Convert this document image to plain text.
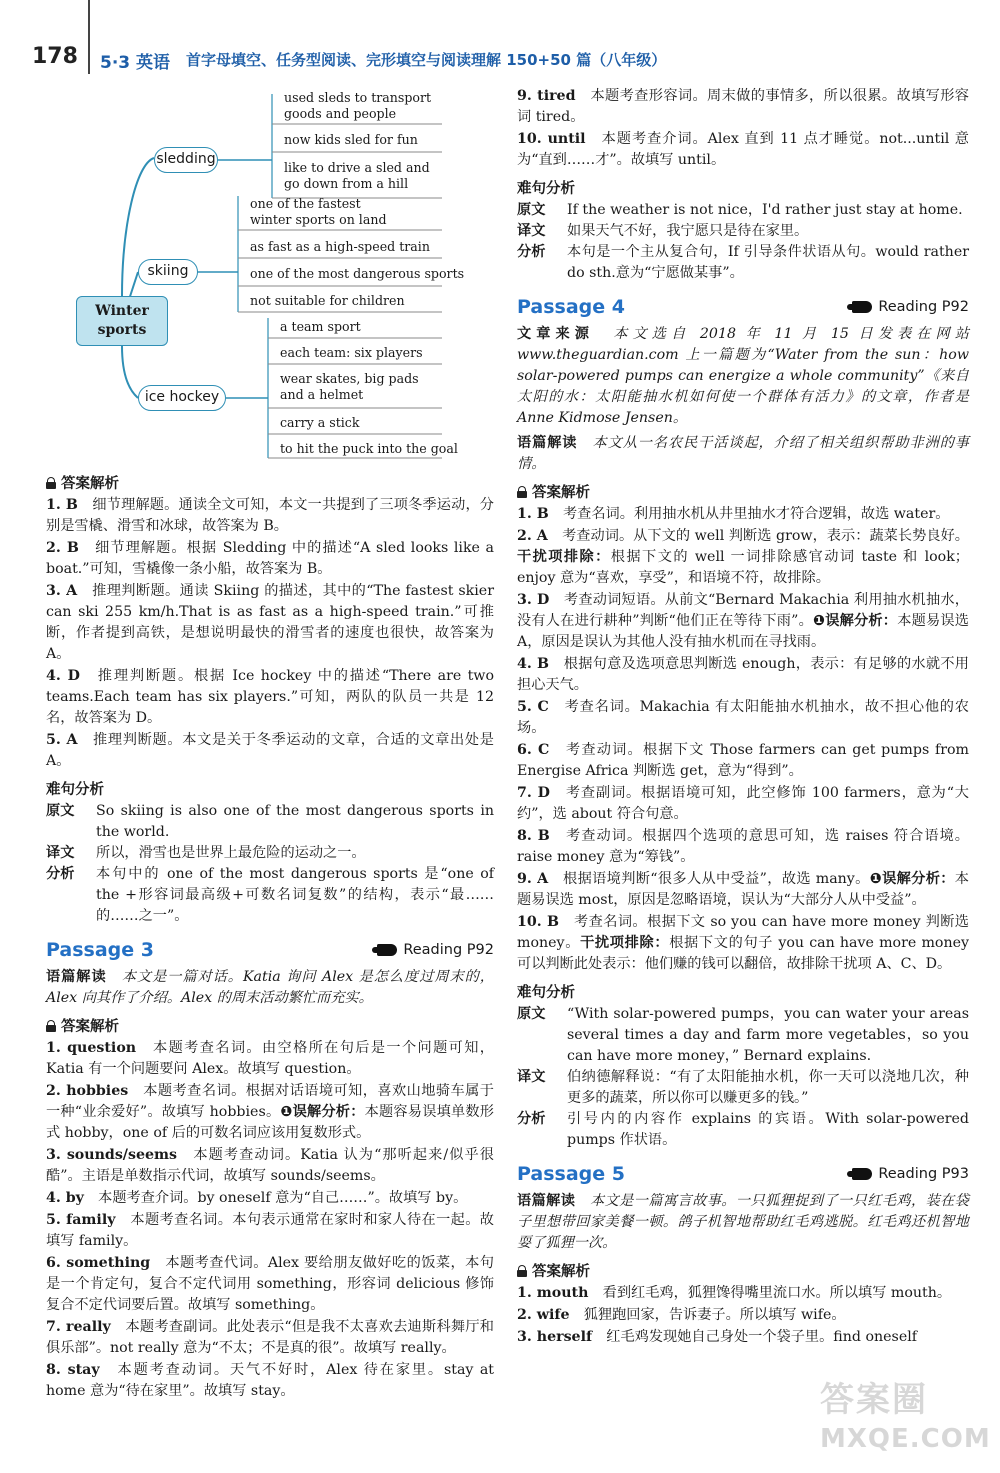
178 5·3 英语 首字母填空、任务型阅读、完形填空与阅读理解 150+50 篇（八年级）
Winter sports
sledding
skiing
ice hockey
used sleds to transport goods and people
now kids sled for fun
like to drive a sled and go down from a hill
one of the fastest winter sports on land
as fast as a high-speed train
one of the most dangerous sports
not suitable for children
a team sport
each team: six players
wear skates, big pads and a helmet
carry a stick
to hit the puck into the goal
答案解析
1. B　 细节理解题。通读全文可知，本文一共提到了三项冬季运动，分别是雪橇、滑雪和冰球，故答案为 B。
2. B　 细节理解题。根据 Sledding 中的描述“A sled looks like a boat.”可知，雪橇像一条小船，故答案为 B。
3. A　 推理判断题。通读 Skiing 的描述，其中的“The fastest skier can ski 255 km/h.That is as fast as a high-speed train.”可推断，作者提到高铁，是想说明最快的滑雪者的速度也很快，故答案为 A。
4. D　 推理判断题。根据 Ice hockey 中的描述“There are two teams.Each team has six players.”可知，两队的队员一共是 12 名，故答案为 D。
5. A　 推理判断题。本文是关于冬季运动的文章，合适的文章出处是 A。
难句分析
原文	So skiing is also one of the most dangerous sports in the world.
译文	所以，滑雪也是世界上最危险的运动之一。
分析	本句中的 one of the most dangerous sports 是“one of the +形容词最高级+可数名词复数”的结构，表示“最……的……之一”。
Passage 3	Reading P92
语篇解读　 本文是一篇对话。Katia 询问 Alex 是怎么度过周末的，Alex 向其作了介绍。Alex 的周末活动繁忙而充实。
答案解析
1. question　 本题考查名词。由空格所在句后是一个问题可知，Katia 有一个问题要问 Alex。故填写 question。
2. hobbies　 本题考查名词。根据对话语境可知，喜欢山地骑车属于一种“业余爱好”。故填写 hobbies。❶误解分析：本题容易误填单数形式 hobby，one of 后的可数名词应该用复数形式。
3. sounds/seems　 本题考查动词。Katia 认为“那听起来/似乎很酷”。主语是单数指示代词，故填写 sounds/seems。
4. by　 本题考查介词。by oneself 意为“自己……”。故填写 by。
5. family　 本题考查名词。本句表示通常在家时和家人待在一起。故填写 family。
6. something　 本题考查代词。Alex 要给朋友做好吃的饭菜，本句是一个肯定句，复合不定代词用 something，形容词 delicious 修饰复合不定代词要后置。故填写 something。
7. really　 本题考查副词。此处表示“但是我不太喜欢去迪斯科舞厅和俱乐部”。not really 意为“不太；不是真的很”。故填写 really。
8. stay　 本题考查动词。天气不好时，Alex 待在家里。stay at home 意为“待在家里”。故填写 stay。
9. tired　 本题考查形容词。周末做的事情多，所以很累。故填写形容词 tired。
10. until　 本题考查介词。Alex 直到 11 点才睡觉。not...until 意为“直到……才”。故填写 until。
难句分析
原文	If the weather is not nice，I'd rather just stay at home.
译文	如果天气不好，我宁愿只是待在家里。
分析	本句是一个主从复合句，If 引导条件状语从句。would rather do sth.意为“宁愿做某事”。
Passage 4	Reading P92
文章来源　 本文选自 2018 年 11 月 15 日发表在网站 www.theguardian.com 上一篇题为“Water from the sun：how solar-powered pumps can energize a whole community”《来自太阳的水：太阳能抽水机如何使一个群体有活力》的文章，作者是 Anne Kidmose Jensen。
语篇解读　 本文从一名农民干活谈起，介绍了相关组织帮助非洲的事情。
答案解析
1. B　 考查名词。利用抽水机从井里抽水才符合逻辑，故选 water。
2. A　 考查动词。从下文的 well 判断选 grow，表示：蔬菜长势良好。干扰项排除：根据下文的 well 一词排除感官动词 taste 和 look；enjoy 意为“喜欢，享受”，和语境不符，故排除。
3. D　 考查动词短语。从前文“Bernard Makachia 利用抽水机抽水，没有人在进行耕种”判断“他们正在等待下雨”。❶误解分析：本题易误选 A，原因是误认为其他人没有抽水机而在寻找雨。
4. B　 根据句意及选项意思判断选 enough，表示：有足够的水就不用担心天气。
5. C　 考查名词。Makachia 有太阳能抽水机抽水，故不担心他的农场。
6. C　 考查动词。根据下文 Those farmers can get pumps from Energise Africa 判断选 get，意为“得到”。
7. D　 考查副词。根据语境可知，此空修饰 100 farmers，意为“大约”，选 about 符合句意。
8. B　 考查动词。根据四个选项的意思可知，选 raises 符合语境。raise money 意为“筹钱”。
9. A　 根据语境判断“很多人从中受益”，故选 many。❶误解分析：本题易误选 most，原因是忽略语境，误认为“大部分人从中受益”。
10. B　 考查名词。根据下文 so you can have more money 判断选 money。干扰项排除：根据下文的句子 you can have more money 可以判断此处表示：他们赚的钱可以翻倍，故排除干扰项 A、C、D。
难句分析
原文	“With solar-powered pumps，you can water your areas several times a day and farm more vegetables，so you can have more money，” Bernard explains.
译文	伯纳德解释说：“有了太阳能抽水机，你一天可以浇地几次，种更多的蔬菜，所以你可以赚更多的钱。”
分析	引号内的内容作 explains 的宾语。With solar-powered pumps 作状语。
Passage 5	Reading P93
语篇解读　 本文是一篇寓言故事。一只狐狸捉到了一只红毛鸡，装在袋子里想带回家美餐一顿。鸽子机智地帮助红毛鸡逃脱。红毛鸡还机智地耍了狐狸一次。
答案解析
1. mouth　 看到红毛鸡，狐狸馋得嘴里流口水。所以填写 mouth。
2. wife　 狐狸跑回家，告诉妻子。所以填写 wife。
3. herself　 红毛鸡发现她自己身处一个袋子里。find oneself
答案圈
MXQE.COM
